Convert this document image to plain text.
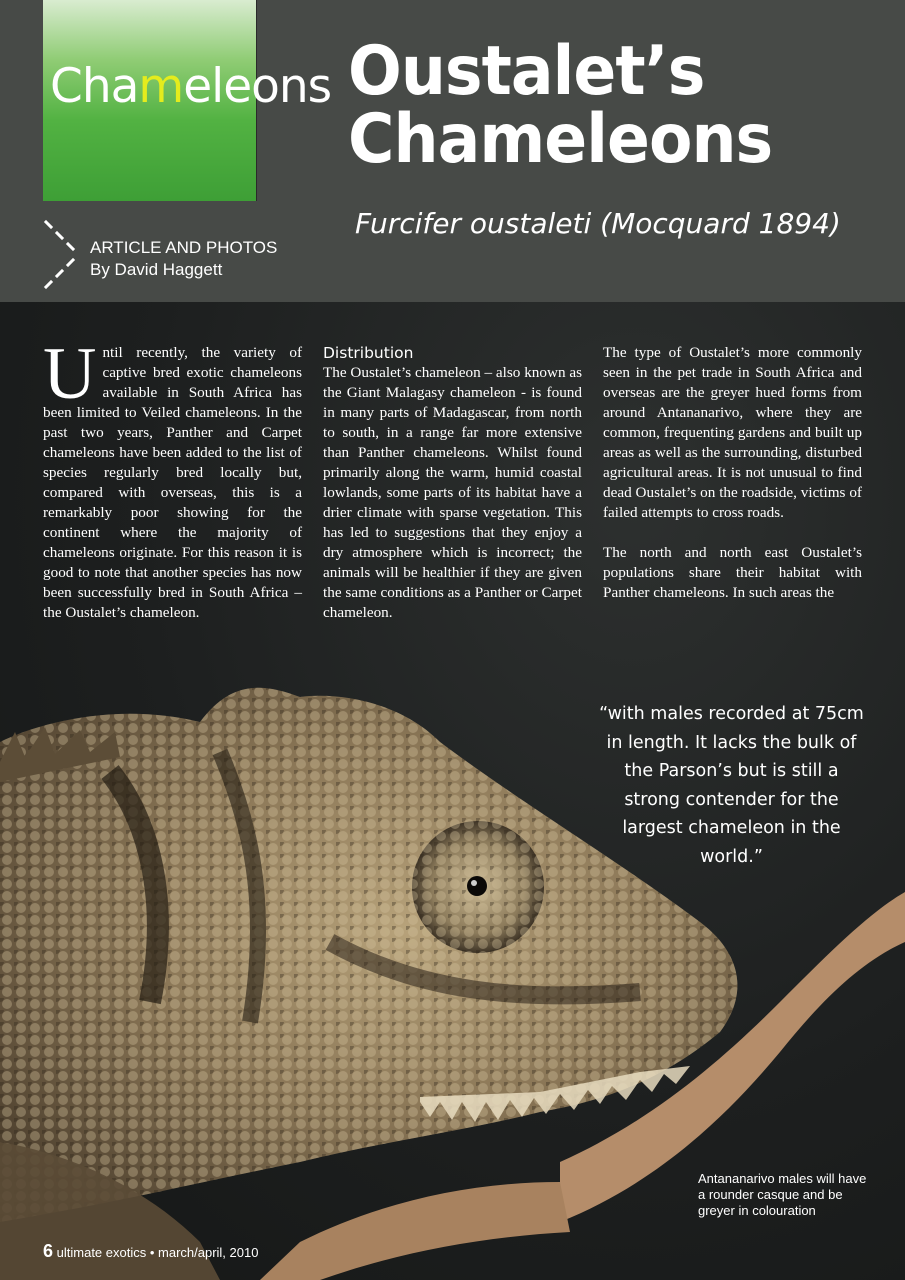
Chameleons Oustalet’s
Chameleons
Furcifer oustaleti (Mocquard 1894)
ARTICLE AND PHOTOS
By David Haggett

Until recently, the variety of captive bred exotic chameleons available in South Africa has been limited to Veiled chameleons. In the past two years, Panther and Carpet chameleons have been added to the list of species regularly bred locally but, compared with overseas, this is a remarkably poor showing for the continent where the majority of chameleons originate. For this reason it is good to note that another species has now been successfully bred in South Africa – the Oustalet’s chameleon.

Distribution

The Oustalet’s chameleon – also known as the Giant Malagasy chameleon - is found in many parts of Madagascar, from north to south, in a range far more extensive than Panther chameleons. Whilst found primarily along the warm, humid coastal lowlands, some parts of its habitat have a drier climate with sparse vegetation. This has led to suggestions that they enjoy a dry atmosphere which is incorrect; the animals will be healthier if they are given the same conditions as a Panther or Carpet chameleon.

The type of Oustalet’s more commonly seen in the pet trade in South Africa and overseas are the greyer hued forms from around Antananarivo, where they are common, frequenting gardens and built up areas as well as the surrounding, disturbed agricultural areas. It is not unusual to find dead Oustalet’s on the roadside, victims of failed attempts to cross roads.

The north and north east Oustalet’s populations share their habitat with Panther chameleons. In such areas the

“with males recorded at 75cm in length. It lacks the bulk of the Parson’s but is still a strong contender for the largest chameleon in the world.”
Antananarivo males will have a rounder casque and be greyer in colouration
6 ultimate exotics • march/april, 2010
